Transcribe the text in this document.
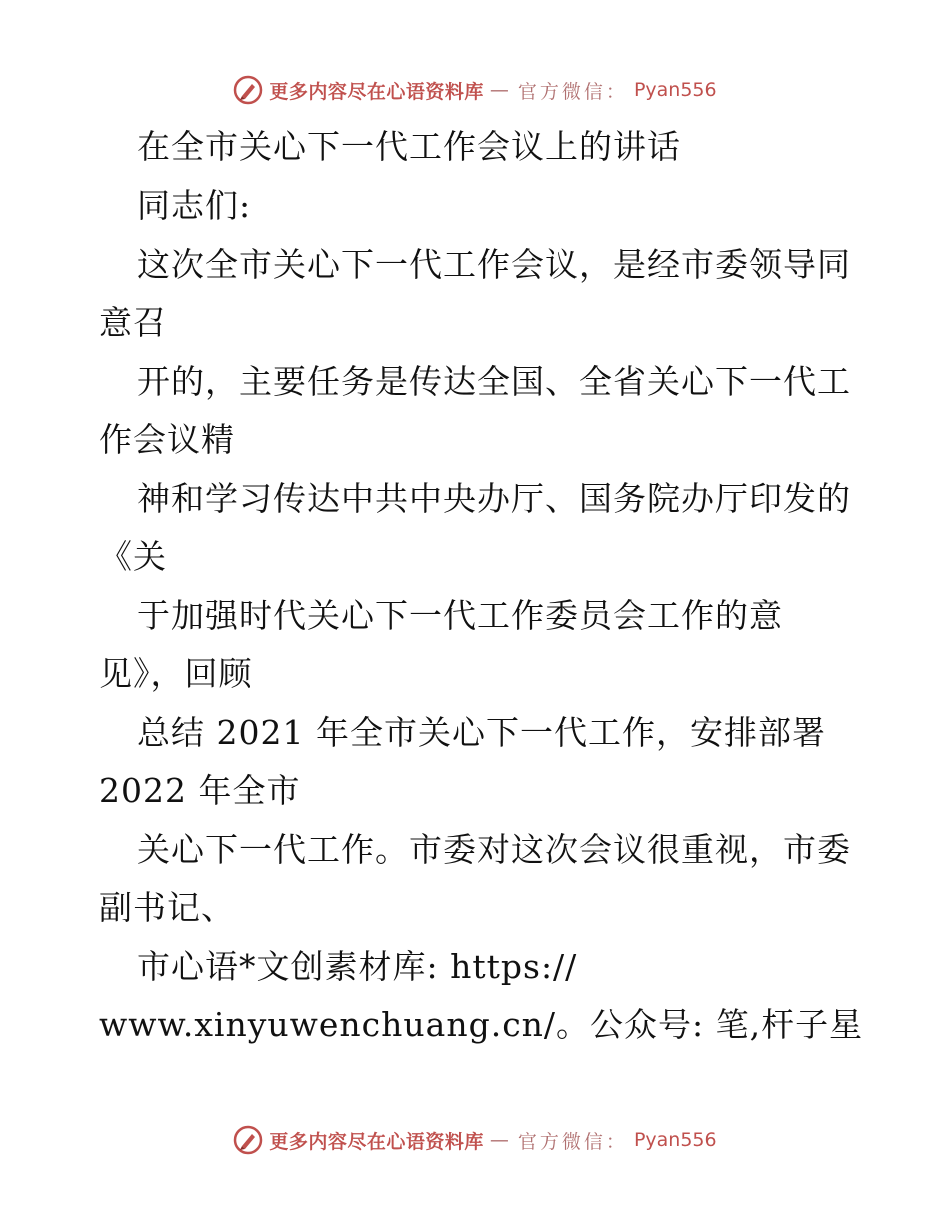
更多内容尽在心语资料库 — 官方微信： Pyan556
在全市关心下一代工作会议上的讲话
同志们:
这次全市关心下一代工作会议，是经市委领导同
意召
开的，主要任务是传达全国、全省关心下一代工
作会议精
神和学习传达中共中央办厅、国务院办厅印发的
《关
于加强时代关心下一代工作委员会工作的意
见》，回顾
总结 2021 年全市关心下一代工作，安排部署
2022 年全市
关心下一代工作。市委对这次会议很重视，市委
副书记、
市心语*文创素材库: https://
www.xinyuwenchuang.cn/。公众号: 笔,杆子星
更多内容尽在心语资料库 — 官方微信： Pyan556
